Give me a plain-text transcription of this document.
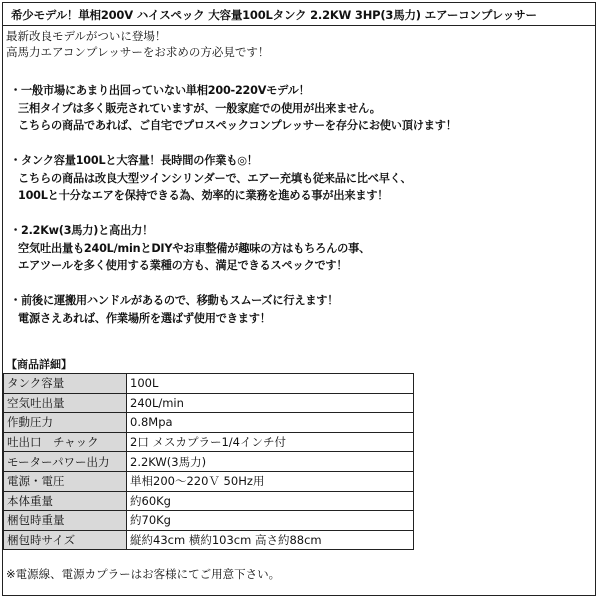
希少モデル！単相200V ハイスペック 大容量100Lタンク 2.2KW 3HP(3馬力) エアーコンプレッサー
最新改良モデルがついに登場！
高馬力エアコンプレッサーをお求めの方必見です！
・一般市場にあまり出回っていない単相200-220Vモデル！
三相タイプは多く販売されていますが、一般家庭での使用が出来ません。
こちらの商品であれば、ご自宅でプロスペックコンプレッサーを存分にお使い頂けます！
・タンク容量100Lと大容量！長時間の作業も◎！
こちらの商品は改良大型ツインシリンダーで、エアー充填も従来品に比べ早く、
100Lと十分なエアを保持できる為、効率的に業務を進める事が出来ます！
・2.2Kw(3馬力)と高出力！
空気吐出量も240L/minとDIYやお車整備が趣味の方はもちろんの事、
エアツールを多く使用する業種の方も、満足できるスペックです！
・前後に運搬用ハンドルがあるので、移動もスムーズに行えます！
電源さえあれば、作業場所を選ばず使用できます！
【商品詳細】
タンク容量	100L
空気吐出量	240L/min
作動圧力	0.8Mpa
吐出口　チャック	2口 メスカプラー1/4インチ付
モーターパワー出力	2.2KW(3馬力)
電源・電圧	単相200～220Ｖ 50Hz用
本体重量	約60Kg
梱包時重量	約70Kg
梱包時サイズ	縦約43cm 横約103cm 高さ約88cm
※電源線、電源カプラーはお客様にてご用意下さい。
